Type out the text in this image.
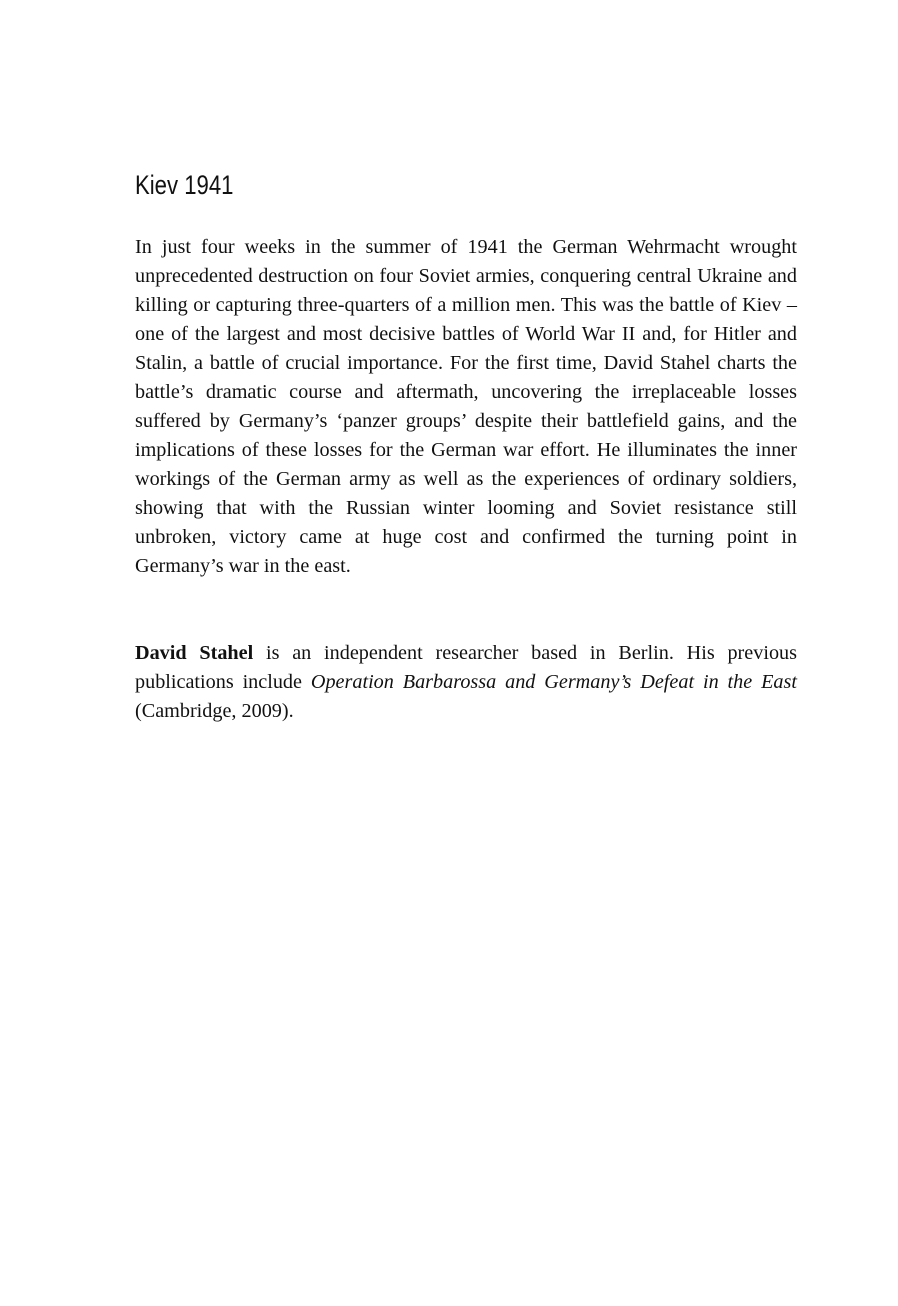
Kiev 1941

In just four weeks in the summer of 1941 the German Wehrmacht wrought unprecedented destruction on four Soviet armies, conquering central Ukraine and killing or capturing three-quarters of a million men. This was the battle of Kiev – one of the largest and most decisive battles of World War II and, for Hitler and Stalin, a battle of crucial importance. For the first time, David Stahel charts the battle’s dramatic course and aftermath, uncovering the irreplaceable losses suffered by Germany’s ‘panzer groups’ despite their battlefield gains, and the implications of these losses for the German war effort. He illuminates the inner workings of the German army as well as the experiences of ordinary soldiers, showing that with the Russian winter looming and Soviet resistance still unbroken, victory came at huge cost and confirmed the turning point in Germany’s war in the east.

David Stahel is an independent researcher based in Berlin. His previous publications include Operation Barbarossa and Germany’s Defeat in the East (Cambridge, 2009).
